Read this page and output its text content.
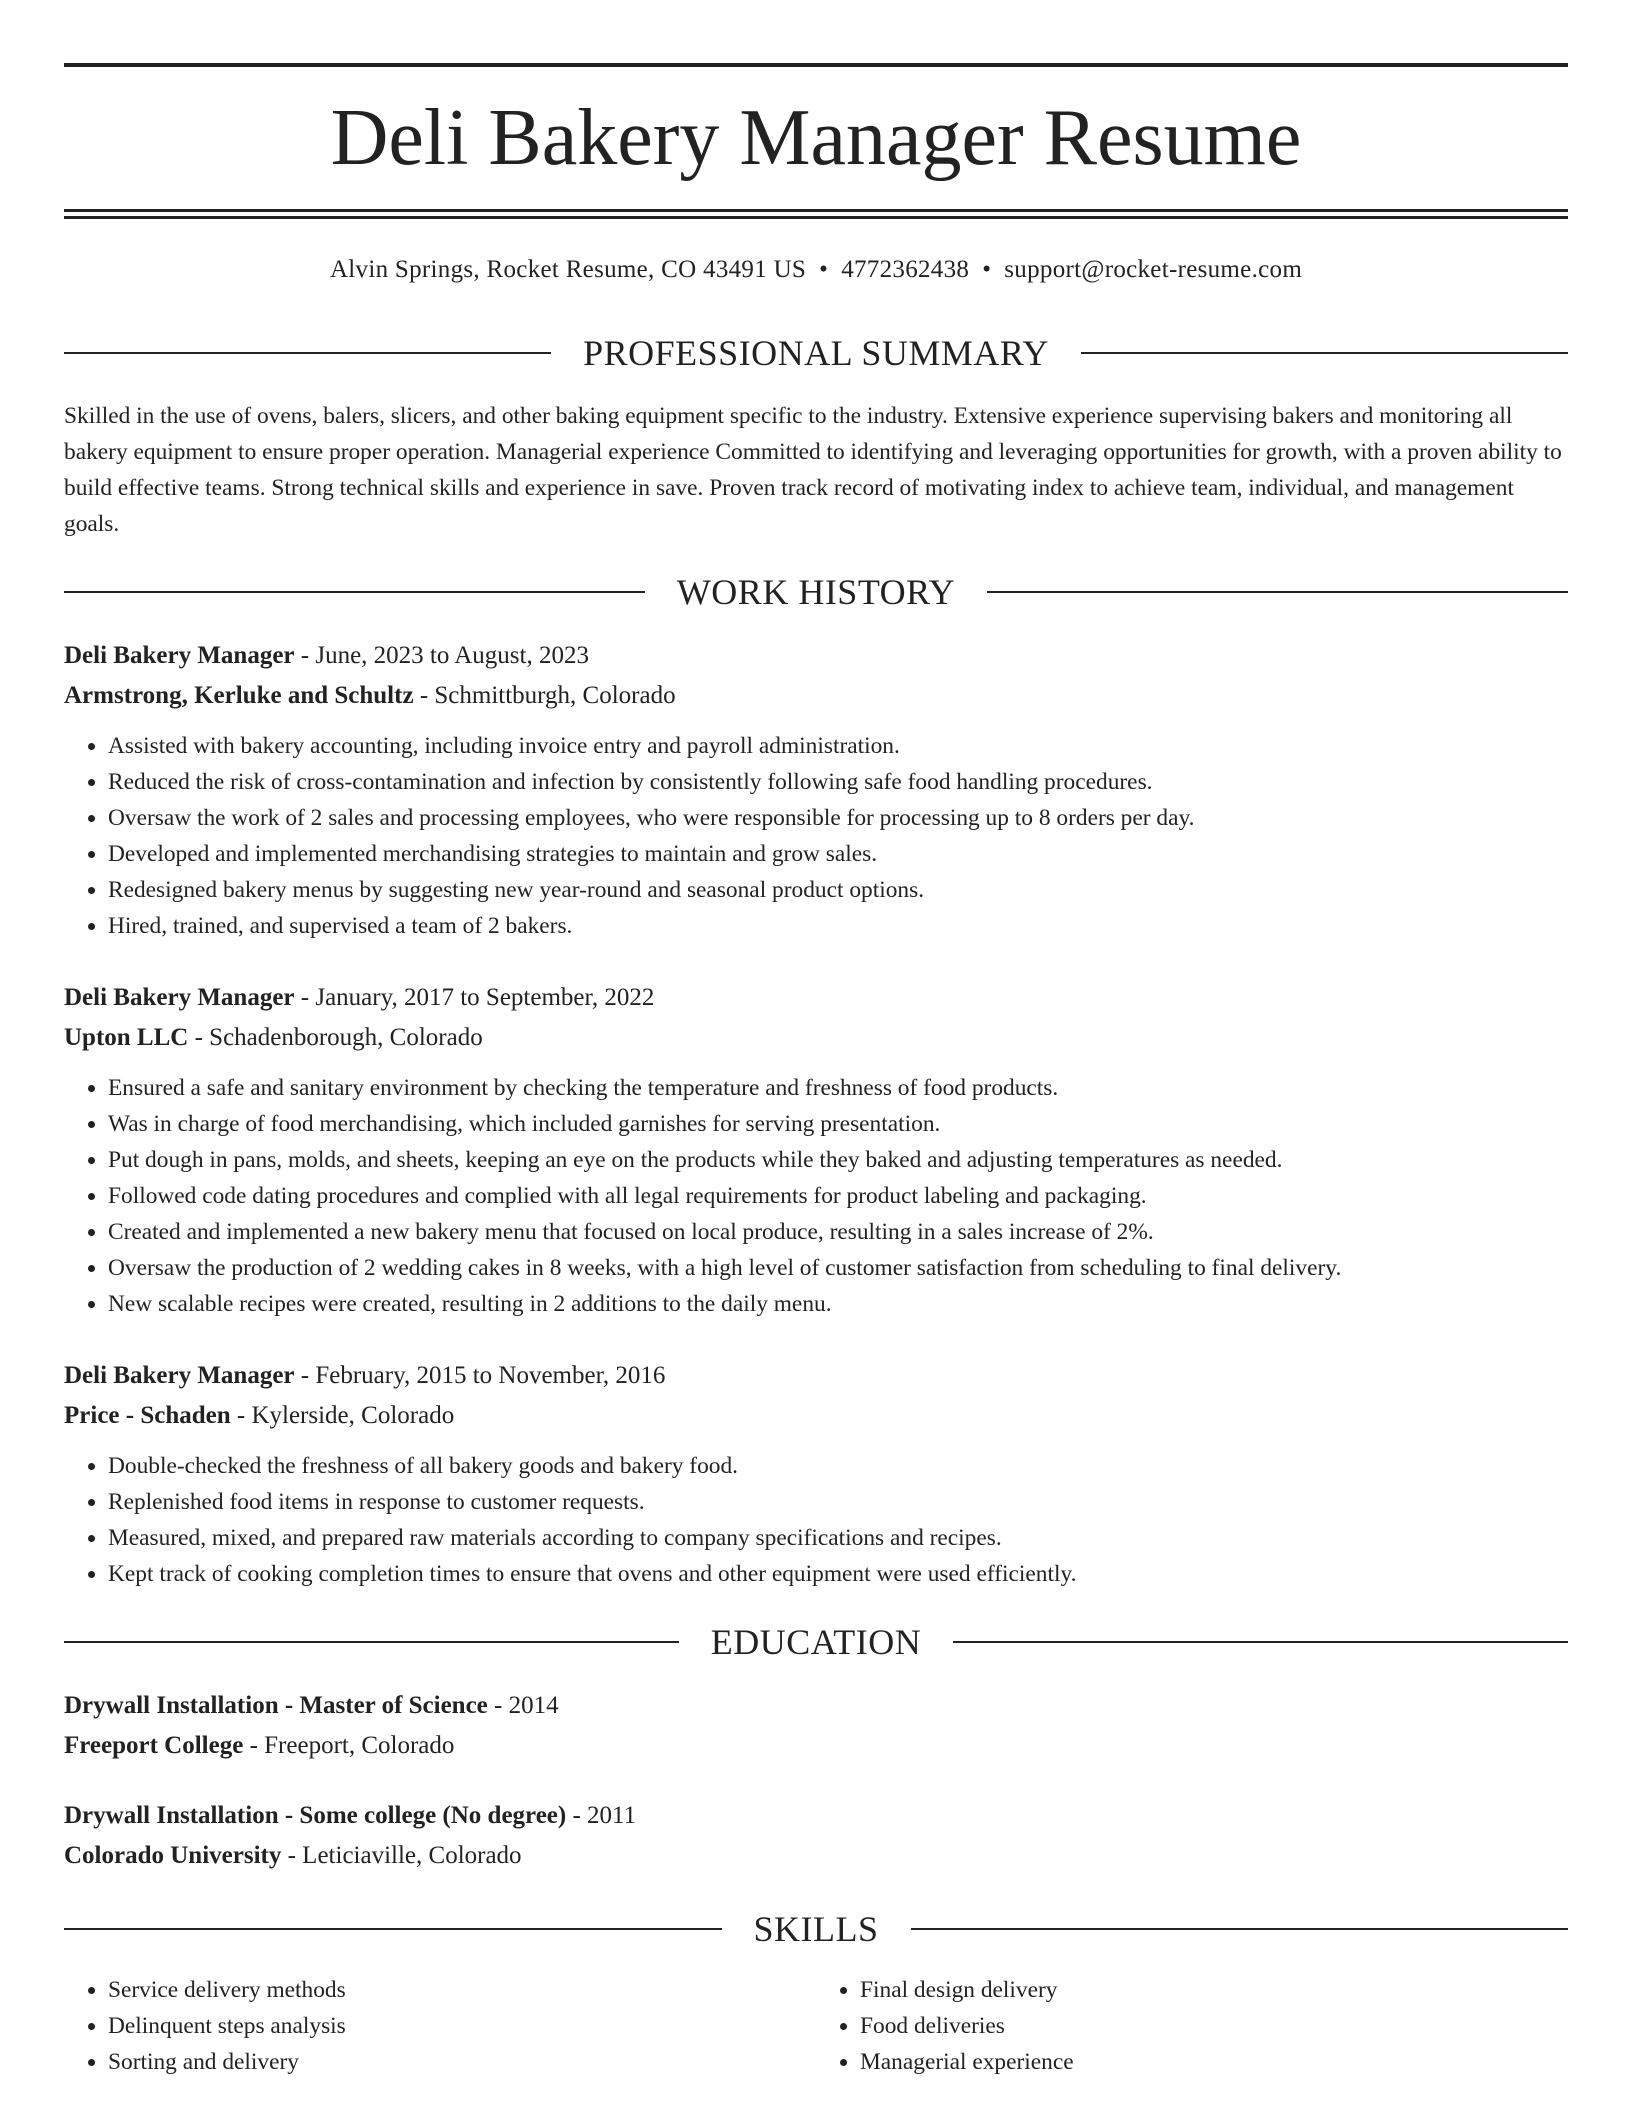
Deli Bakery Manager Resume
Alvin Springs, Rocket Resume, CO 43491 US • 4772362438 • support@rocket-resume.com
PROFESSIONAL SUMMARY

Skilled in the use of ovens, balers, slicers, and other baking equipment specific to the industry. Extensive experience supervising bakers and monitoring all bakery equipment to ensure proper operation. Managerial experience Committed to identifying and leveraging opportunities for growth, with a proven ability to build effective teams. Strong technical skills and experience in save. Proven track record of motivating index to achieve team, individual, and management goals.

WORK HISTORY
Deli Bakery Manager - June, 2023 to August, 2023
Armstrong, Kerluke and Schultz - Schmittburgh, Colorado
• Assisted with bakery accounting, including invoice entry and payroll administration.
• Reduced the risk of cross-contamination and infection by consistently following safe food handling procedures.
• Oversaw the work of 2 sales and processing employees, who were responsible for processing up to 8 orders per day.
• Developed and implemented merchandising strategies to maintain and grow sales.
• Redesigned bakery menus by suggesting new year-round and seasonal product options.
• Hired, trained, and supervised a team of 2 bakers.
Deli Bakery Manager - January, 2017 to September, 2022
Upton LLC - Schadenborough, Colorado
• Ensured a safe and sanitary environment by checking the temperature and freshness of food products.
• Was in charge of food merchandising, which included garnishes for serving presentation.
• Put dough in pans, molds, and sheets, keeping an eye on the products while they baked and adjusting temperatures as needed.
• Followed code dating procedures and complied with all legal requirements for product labeling and packaging.
• Created and implemented a new bakery menu that focused on local produce, resulting in a sales increase of 2%.
• Oversaw the production of 2 wedding cakes in 8 weeks, with a high level of customer satisfaction from scheduling to final delivery.
• New scalable recipes were created, resulting in 2 additions to the daily menu.
Deli Bakery Manager - February, 2015 to November, 2016
Price - Schaden - Kylerside, Colorado
• Double-checked the freshness of all bakery goods and bakery food.
• Replenished food items in response to customer requests.
• Measured, mixed, and prepared raw materials according to company specifications and recipes.
• Kept track of cooking completion times to ensure that ovens and other equipment were used efficiently.
EDUCATION
Drywall Installation - Master of Science - 2014
Freeport College - Freeport, Colorado
Drywall Installation - Some college (No degree) - 2011
Colorado University - Leticiaville, Colorado
SKILLS
• Service delivery methods
• Delinquent steps analysis
• Sorting and delivery
• Final design delivery
• Food deliveries
• Managerial experience
